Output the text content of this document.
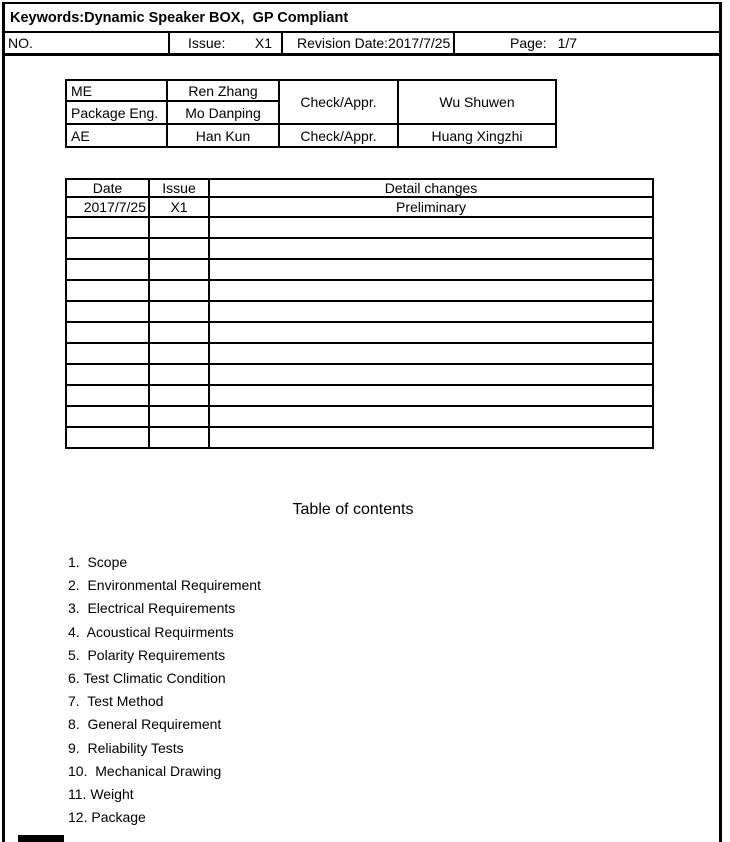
Keywords:Dynamic Speaker BOX,  GP Compliant
NO.	Issue: X1 Revision Date: 2017/7/25	Page: 1/7
ME	Ren Zhang	Check/Appr.	Wu Shuwen
Package Eng.	Mo Danping		
AE	Han Kun	Check/Appr.	Huang Xingzhi
Date	Issue	Detail changes
2017/7/25	X1	Preliminary

Table of contents
1.  Scope
2.  Environmental Requirement
3.  Electrical Requirements
4.  Acoustical Requirments
5.  Polarity Requirements
6. Test Climatic Condition
7.  Test Method
8.  General Requirement
9.  Reliability Tests
10.  Mechanical Drawing
11. Weight
12. Package
